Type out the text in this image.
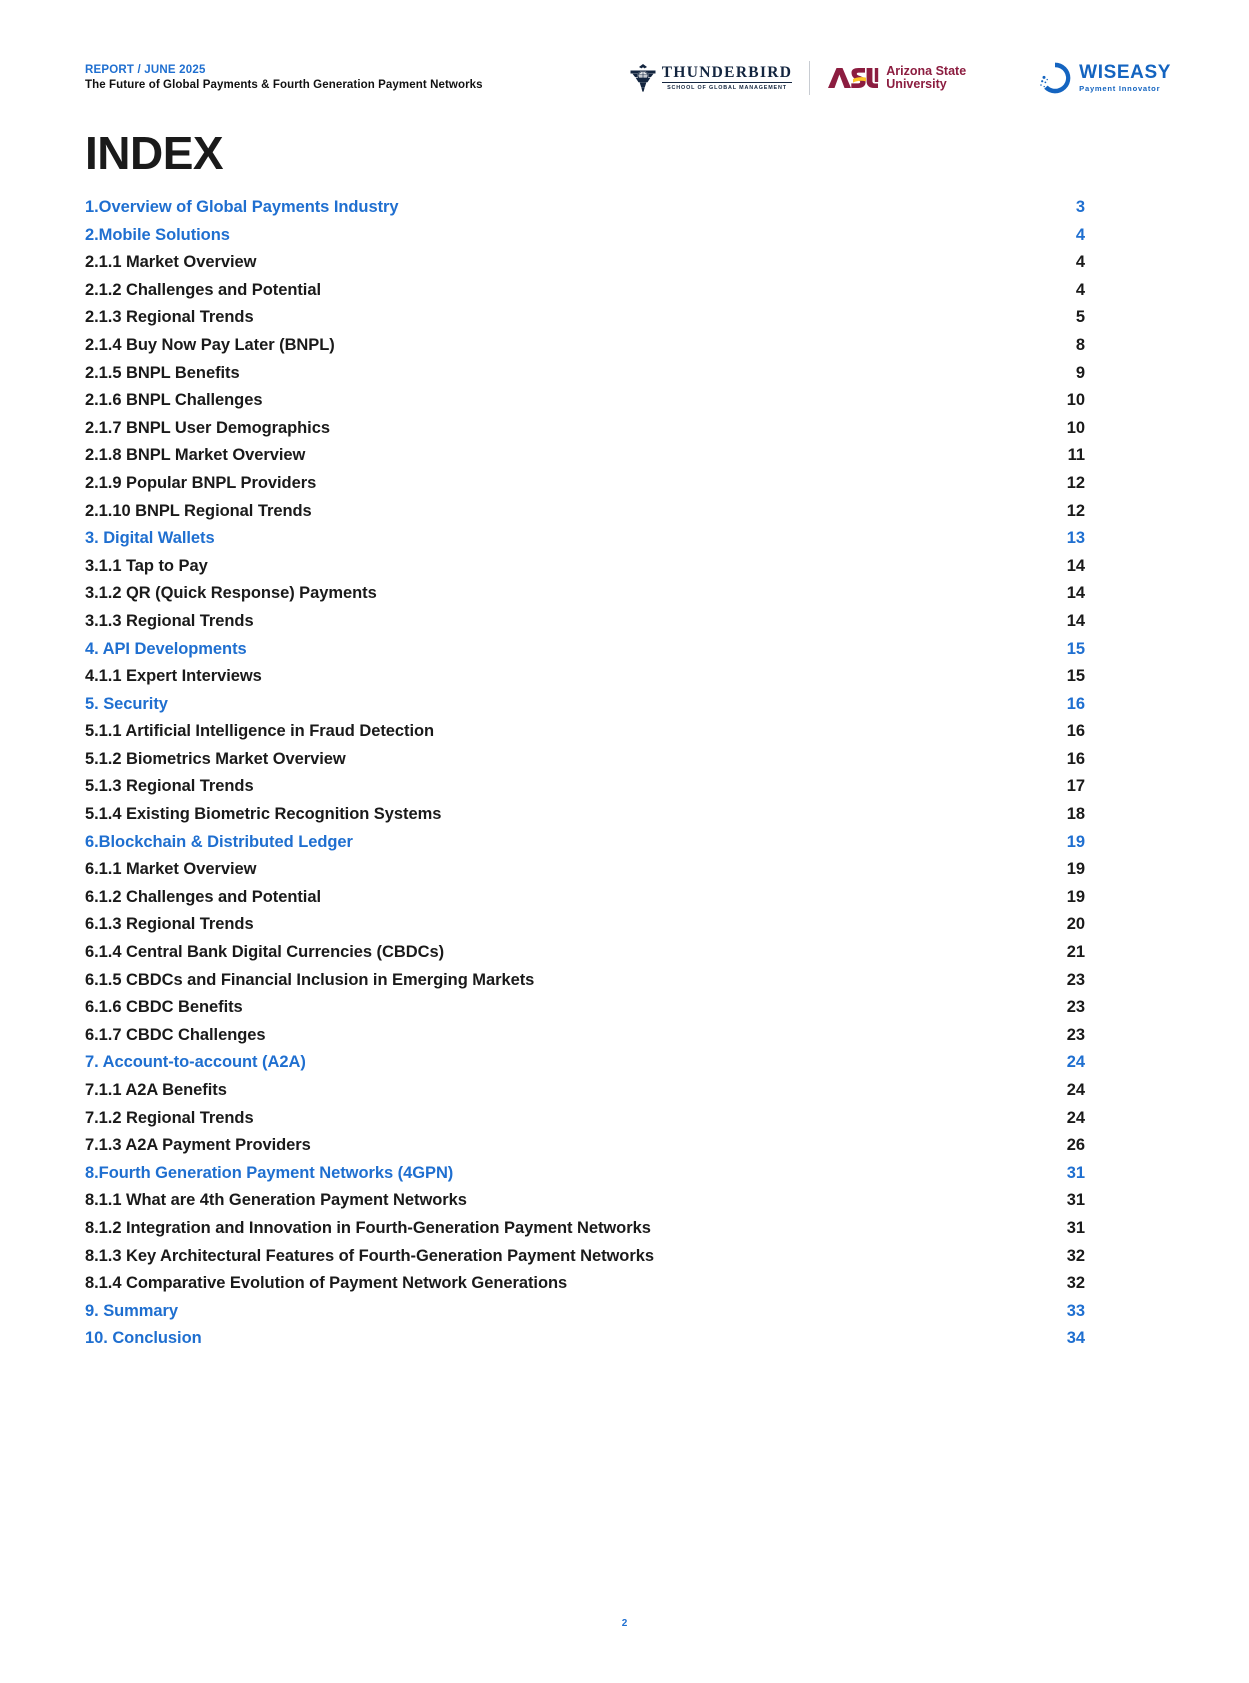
REPORT / JUNE 2025
The Future of Global Payments & Fourth Generation Payment Networks
THUNDERBIRD
SCHOOL OF GLOBAL MANAGEMENT
Arizona State
University
WISEASY
Payment Innovator
INDEX
1.Overview of Global Payments Industry	3
2.Mobile Solutions	4
2.1.1 Market Overview	4
2.1.2 Challenges and Potential	4
2.1.3 Regional Trends	5
2.1.4 Buy Now Pay Later (BNPL)	8
2.1.5 BNPL Benefits	9
2.1.6 BNPL Challenges	10
2.1.7 BNPL User Demographics	10
2.1.8 BNPL Market Overview	11
2.1.9 Popular BNPL Providers	12
2.1.10 BNPL Regional Trends	12
3. Digital Wallets	13
3.1.1 Tap to Pay	14
3.1.2 QR (Quick Response) Payments	14
3.1.3 Regional Trends	14
4. API Developments	15
4.1.1 Expert Interviews	15
5. Security	16
5.1.1 Artificial Intelligence in Fraud Detection	16
5.1.2 Biometrics Market Overview	16
5.1.3 Regional Trends	17
5.1.4 Existing Biometric Recognition Systems	18
6.Blockchain & Distributed Ledger	19
6.1.1 Market Overview	19
6.1.2 Challenges and Potential	19
6.1.3 Regional Trends	20
6.1.4 Central Bank Digital Currencies (CBDCs)	21
6.1.5 CBDCs and Financial Inclusion in Emerging Markets	23
6.1.6 CBDC Benefits	23
6.1.7 CBDC Challenges	23
7. Account-to-account (A2A)	24
7.1.1 A2A Benefits	24
7.1.2 Regional Trends	24
7.1.3 A2A Payment Providers	26
8.Fourth Generation Payment Networks (4GPN)	31
8.1.1 What are 4th Generation Payment Networks	31
8.1.2 Integration and Innovation in Fourth-Generation Payment Networks	31
8.1.3 Key Architectural Features of Fourth-Generation Payment Networks	32
8.1.4 Comparative Evolution of Payment Network Generations	32
9. Summary	33
10. Conclusion	34
2
